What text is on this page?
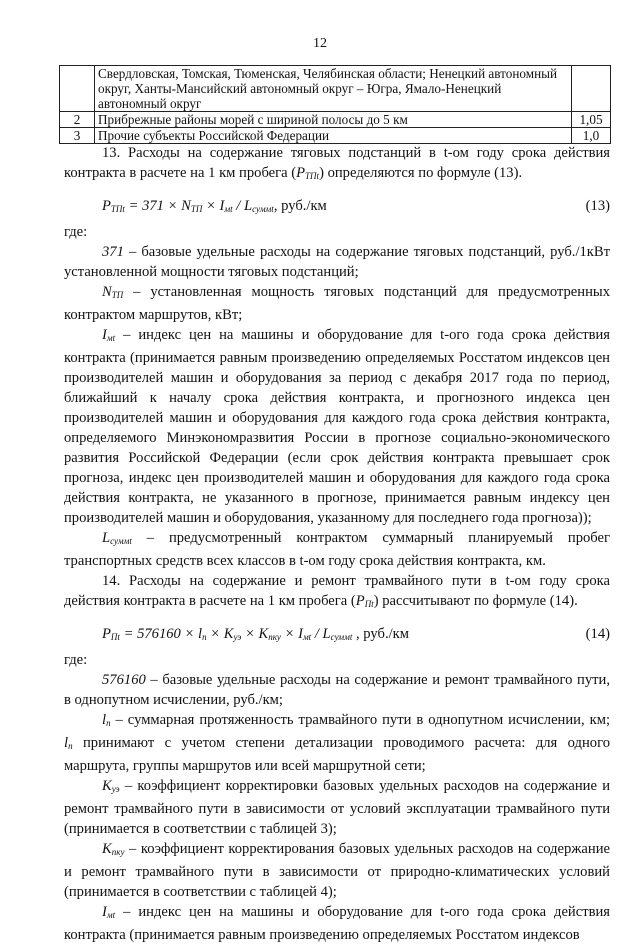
12
	Свердловская, Томская, Тюменская, Челябинская области; Ненецкий автономный округ, Ханты-Мансийский автономный округ – Югра, Ямало-Ненецкий автономный округ	
2	Прибрежные районы морей с шириной полосы до 5 км	1,05
3	Прочие субъекты Российской Федерации	1,0

13. Расходы на содержание тяговых подстанций в t-ом году срока действия контракта в расчете на 1 км пробега $(P_{ТПt})$ определяются по формуле (13).

$P_{ТПt} = 371 \times N_{ТП} \times I_{мt} / L_{суммt}$, руб./км	(13)

где:

371 – базовые удельные расходы на содержание тяговых подстанций, руб./1кВт установленной мощности тяговых подстанций;

$N_{ТП}$ – установленная мощность тяговых подстанций для предусмотренных контрактом маршрутов, кВт;

$I_{мt}$ – индекс цен на машины и оборудование для t-ого года срока действия контракта (принимается равным произведению определяемых Росстатом индексов цен производителей машин и оборудования за период с декабря 2017 года по период, ближайший к началу срока действия контракта, и прогнозного индекса цен производителей машин и оборудования для каждого года срока действия контракта, определяемого Минэкономразвития России в прогнозе социально-экономического развития Российской Федерации (если срок действия контракта превышает срок прогноза, индекс цен производителей машин и оборудования для каждого года срока действия контракта, не указанного в прогнозе, принимается равным индексу цен производителей машин и оборудования, указанному для последнего года прогноза));

$L_{суммt}$ – предусмотренный контрактом суммарный планируемый пробег транспортных средств всех классов в t-ом году срока действия контракта, км.

14. Расходы на содержание и ремонт трамвайного пути в t-ом году срока действия контракта в расчете на 1 км пробега $(P_{Пt})$ рассчитывают по формуле (14).

$P_{Пt} = 576160 \times l_п \times K_{уэ} \times K_{пку} \times I_{мt} / L_{суммt}$ , руб./км	(14)

где:

576160 – базовые удельные расходы на содержание и ремонт трамвайного пути, в однопутном исчислении, руб./км;

$l_п$ – суммарная протяженность трамвайного пути в однопутном исчислении, км; $l_п$ принимают с учетом степени детализации проводимого расчета: для одного маршрута, группы маршрутов или всей маршрутной сети;

$K_{уэ}$ – коэффициент корректировки базовых удельных расходов на содержание и ремонт трамвайного пути в зависимости от условий эксплуатации трамвайного пути (принимается в соответствии с таблицей 3);

$K_{пку}$ – коэффициент корректирования базовых удельных расходов на содержание и ремонт трамвайного пути в зависимости от природно-климатических условий (принимается в соответствии с таблицей 4);

$I_{мt}$ – индекс цен на машины и оборудование для t-ого года срока действия контракта (принимается равным произведению определяемых Росстатом индексов
